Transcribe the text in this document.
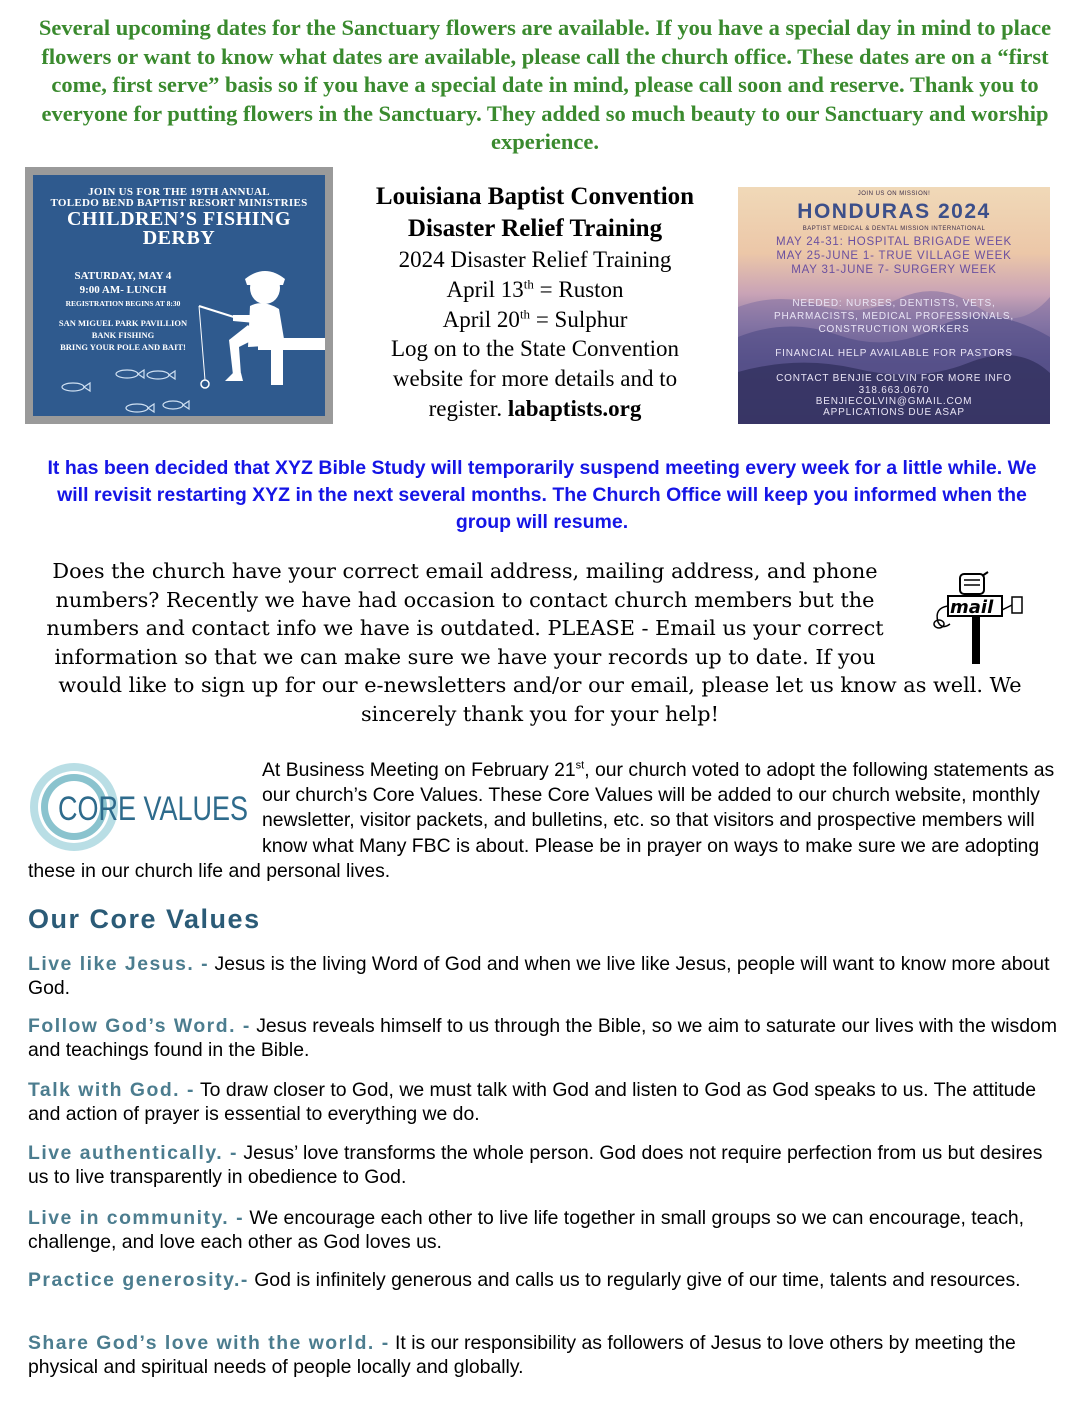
Several upcoming dates for the Sanctuary flowers are available. If you have a special day in mind to place flowers or want to know what dates are available, please call the church office. These dates are on a “first come, first serve” basis so if you have a special date in mind, please call soon and reserve. Thank you to everyone for putting flowers in the Sanctuary. They added so much beauty to our Sanctuary and worship experience.

JOIN US FOR THE 19TH ANNUAL
TOLEDO BEND BAPTIST RESORT MINISTRIES
CHILDREN’S FISHING
DERBY
SATURDAY, MAY 4
9:00 AM- LUNCH
REGISTRATION BEGINS AT 8:30
SAN MIGUEL PARK PAVILLION
BANK FISHING
BRING YOUR POLE AND BAIT!

Louisiana Baptist Convention

Disaster Relief Training

2024 Disaster Relief Training

April 13th = Ruston

April 20th = Sulphur

Log on to the State Convention

website for more details and to

register. labaptists.org

JOIN US ON MISSION!
HONDURAS 2024
BAPTIST MEDICAL & DENTAL MISSION INTERNATIONAL
MAY 24-31: HOSPITAL BRIGADE WEEK
MAY 25-JUNE 1- TRUE VILLAGE WEEK
MAY 31-JUNE 7- SURGERY WEEK
NEEDED: NURSES, DENTISTS, VETS,
PHARMACISTS, MEDICAL PROFESSIONALS,
CONSTRUCTION WORKERS
FINANCIAL HELP AVAILABLE FOR PASTORS
CONTACT BENJIE COLVIN FOR MORE INFO
318.663.0670
BENJIECOLVIN@GMAIL.COM
APPLICATIONS DUE ASAP

It has been decided that XYZ Bible Study will temporarily suspend meeting every week for a little while. We will revisit restarting XYZ in the next several months. The Church Office will keep you informed when the group will resume.

Does the church have your correct email address, mailing address, and phone numbers? Recently we have had occasion to contact church members but the numbers and contact info we have is outdated. PLEASE - Email us your correct information so that we can make sure we have your records up to date. If you would like to sign up for our e-newsletters and/or our email, please let us know as well. We sincerely thank you for your help!
mail
CORE VALUES
At Business Meeting on February 21st, our church voted to adopt the following statements as our church’s Core Values. These Core Values will be added to our church website, monthly newsletter, visitor packets, and bulletins, etc. so that visitors and prospective members will know what Many FBC is about. Please be in prayer on ways to make sure we are adopting these in our church life and personal lives.
Our Core Values

Live like Jesus. - Jesus is the living Word of God and when we live like Jesus, people will want to know more about God.

Follow God’s Word. - Jesus reveals himself to us through the Bible, so we aim to saturate our lives with the wisdom and teachings found in the Bible.

Talk with God. - To draw closer to God, we must talk with God and listen to God as God speaks to us. The attitude and action of prayer is essential to everything we do.

Live authentically. - Jesus’ love transforms the whole person. God does not require perfection from us but desires us to live transparently in obedience to God.

Live in community. - We encourage each other to live life together in small groups so we can encourage, teach, challenge, and love each other as God loves us.

Practice generosity.- God is infinitely generous and calls us to regularly give of our time, talents and resources.

Share God’s love with the world. - It is our responsibility as followers of Jesus to love others by meeting the physical and spiritual needs of people locally and globally.
